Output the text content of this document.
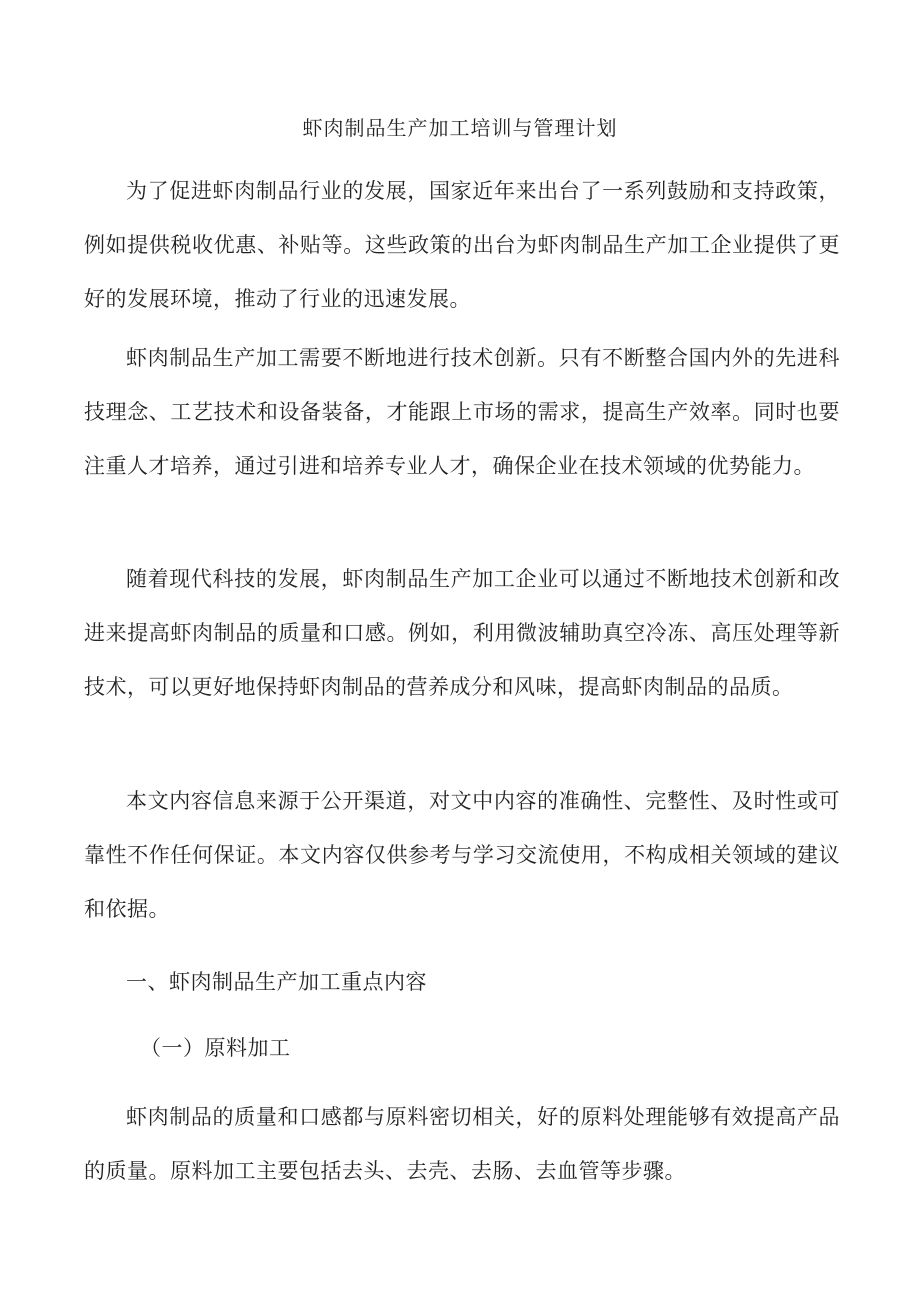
虾肉制品生产加工培训与管理计划

为了促进虾肉制品行业的发展，国家近年来出台了一系列鼓励和支持政策，例如提供税收优惠、补贴等。这些政策的出台为虾肉制品生产加工企业提供了更好的发展环境，推动了行业的迅速发展。

虾肉制品生产加工需要不断地进行技术创新。只有不断整合国内外的先进科技理念、工艺技术和设备装备，才能跟上市场的需求，提高生产效率。同时也要注重人才培养，通过引进和培养专业人才，确保企业在技术领域的优势能力。

随着现代科技的发展，虾肉制品生产加工企业可以通过不断地技术创新和改进来提高虾肉制品的质量和口感。例如，利用微波辅助真空冷冻、高压处理等新技术，可以更好地保持虾肉制品的营养成分和风味，提高虾肉制品的品质。

本文内容信息来源于公开渠道，对文中内容的准确性、完整性、及时性或可靠性不作任何保证。本文内容仅供参考与学习交流使用，不构成相关领域的建议和依据。

一、虾肉制品生产加工重点内容
（一）原料加工

虾肉制品的质量和口感都与原料密切相关，好的原料处理能够有效提高产品的质量。原料加工主要包括去头、去壳、去肠、去血管等步骤。
